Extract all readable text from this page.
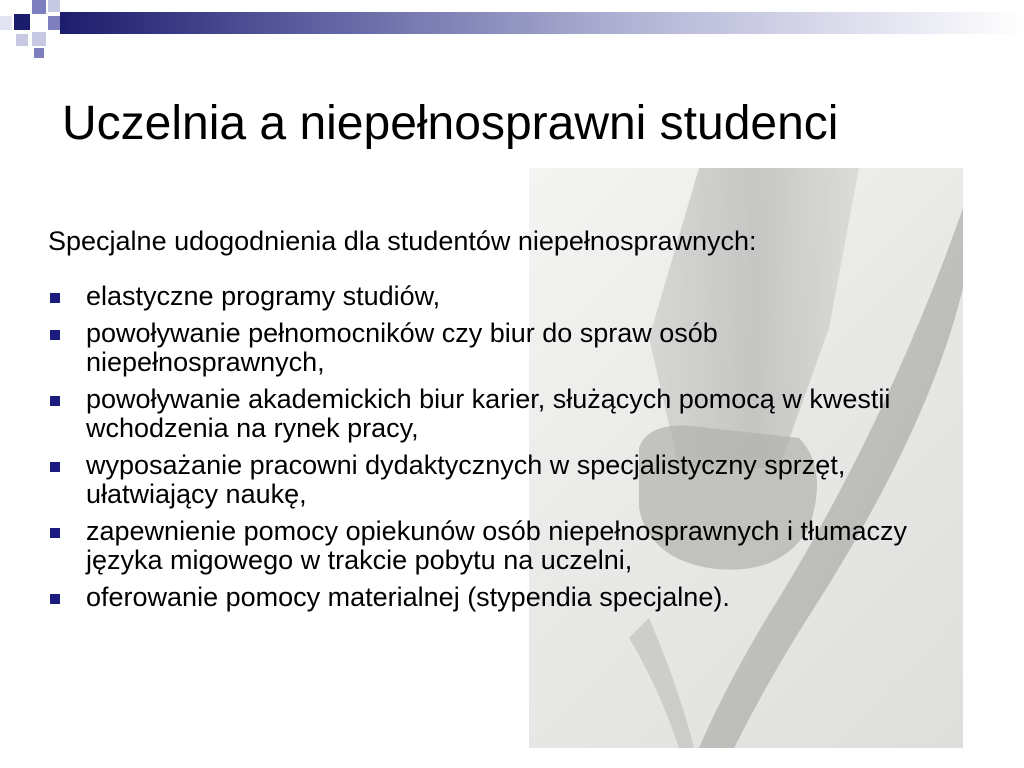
Uczelnia a niepełnosprawni studenci

Specjalne udogodnienia dla studentów niepełnosprawnych:

elastyczne programy studiów,
powoływanie pełnomocników czy biur do spraw osób niepełnosprawnych,
powoływanie akademickich biur karier, służących pomocą w kwestii wchodzenia na rynek pracy,
wyposażanie pracowni dydaktycznych w specjalistyczny sprzęt, ułatwiający naukę,
zapewnienie pomocy opiekunów osób niepełnosprawnych i tłumaczy języka migowego w trakcie pobytu na uczelni,
oferowanie pomocy materialnej (stypendia specjalne).
